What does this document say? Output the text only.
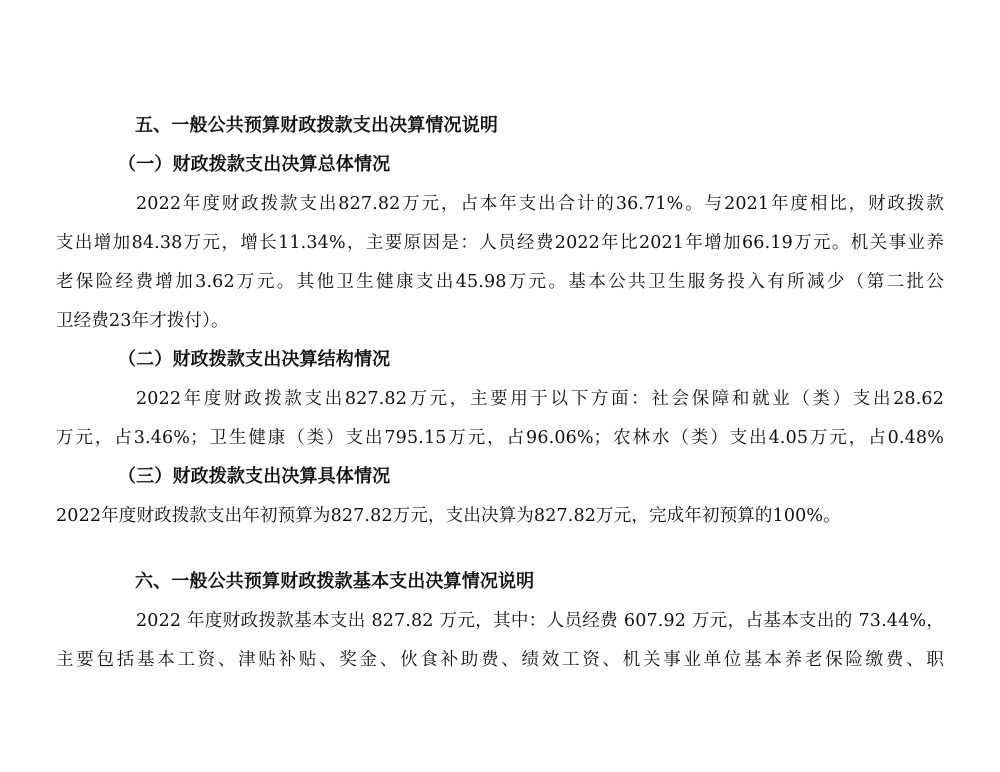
五、一般公共预算财政拨款支出决算情况说明
（一）财政拨款支出决算总体情况
2022年度财政拨款支出827.82万元，占本年支出合计的36.71%。与2021年度相比，财政拨款
支出增加84.38万元，增长11.34%，主要原因是：人员经费2022年比2021年增加66.19万元。机关事业养
老保险经费增加3.62万元。其他卫生健康支出45.98万元。基本公共卫生服务投入有所减少（第二批公
卫经费23年才拨付）。
（二）财政拨款支出决算结构情况
2022年度财政拨款支出827.82万元，主要用于以下方面：社会保障和就业（类）支出28.62
万元，占3.46%；卫生健康（类）支出795.15万元，占96.06%；农林水（类）支出4.05万元，占0.48%
（三）财政拨款支出决算具体情况
2022年度财政拨款支出年初预算为827.82万元，支出决算为827.82万元，完成年初预算的100%。
六、一般公共预算财政拨款基本支出决算情况说明
2022 年度财政拨款基本支出 827.82 万元，其中：人员经费 607.92 万元，占基本支出的 73.44%，
主要包括基本工资、津贴补贴、奖金、伙食补助费、绩效工资、机关事业单位基本养老保险缴费、职
